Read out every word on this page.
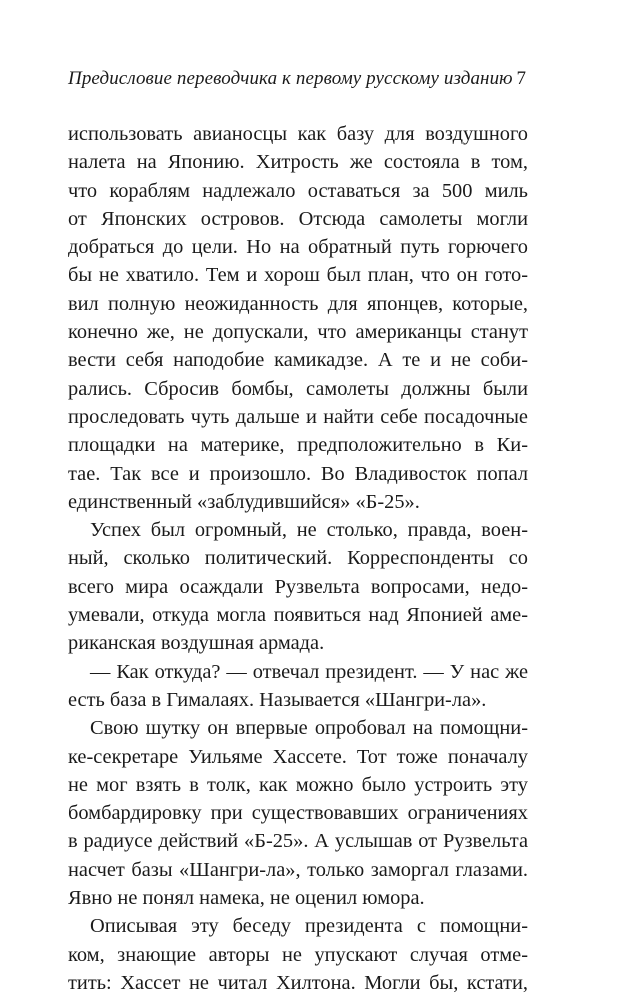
Предисловие переводчика к первому русскому изданию 7

использовать авианосцы как базу для воздушного
налета на Японию. Хитрость же состояла в том,
что кораблям надлежало оставаться за 500 миль
от Японских островов. Отсюда самолеты могли
добраться до цели. Но на обратный путь горючего
бы не хватило. Тем и хорош был план, что он гото-
вил полную неожиданность для японцев, которые,
конечно же, не допускали, что американцы станут
вести себя наподобие камикадзе. А те и не соби-
рались. Сбросив бомбы, самолеты должны были
проследовать чуть дальше и найти себе посадочные
площадки на материке, предположительно в Ки-
тае. Так все и произошло. Во Владивосток попал
единственный «заблудившийся» «Б-25».

Успех был огромный, не столько, правда, воен-
ный, сколько политический. Корреспонденты со
всего мира осаждали Рузвельта вопросами, недо-
умевали, откуда могла появиться над Японией аме-
риканская воздушная армада.

— Как откуда? — отвечал президент. — У нас же
есть база в Гималаях. Называется «Шангри-ла».

Свою шутку он впервые опробовал на помощни-
ке-секретаре Уильяме Хассете. Тот тоже поначалу
не мог взять в толк, как можно было устроить эту
бомбардировку при существовавших ограничениях
в радиусе действий «Б-25». А услышав от Рузвельта
насчет базы «Шангри-ла», только заморгал глазами.
Явно не понял намека, не оценил юмора.

Описывая эту беседу президента с помощни-
ком, знающие авторы не упускают случая отме-
тить: Хассет не читал Хилтона. Могли бы, кстати,
